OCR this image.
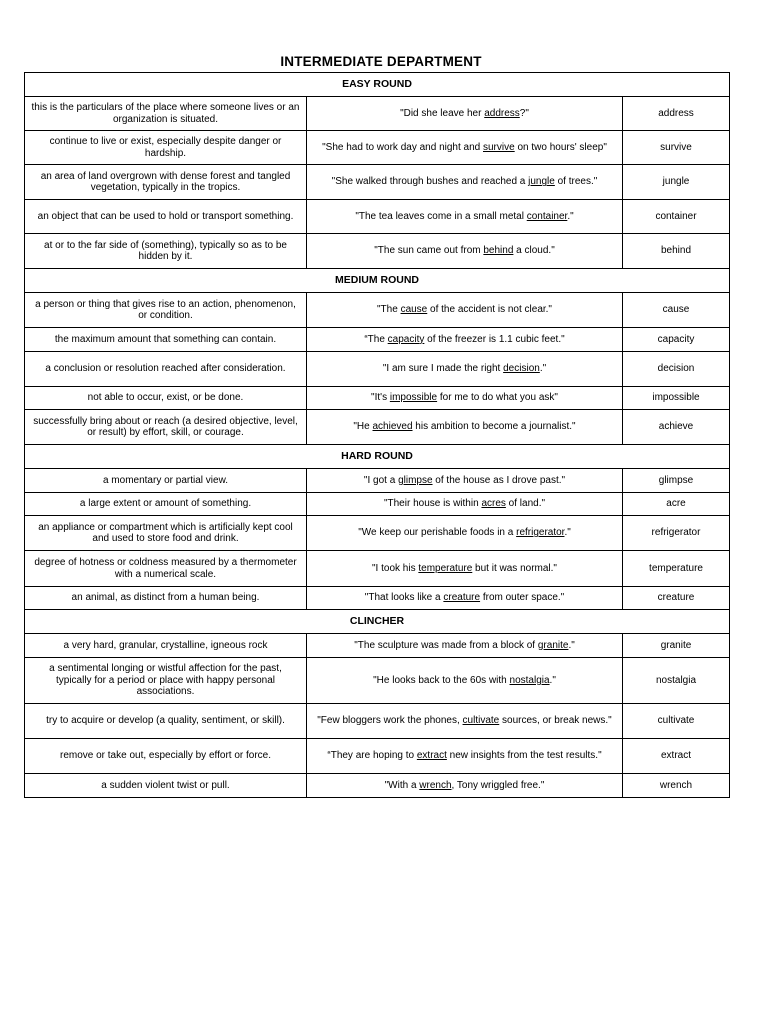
INTERMEDIATE DEPARTMENT
EASY ROUND		
this is the particulars of the place where someone lives or an organization is situated.	"Did she leave her address?"	address
continue to live or exist, especially despite danger or hardship.	"She had to work day and night and survive on two hours' sleep"	survive
an area of land overgrown with dense forest and tangled vegetation, typically in the tropics.	"She walked through bushes and reached a jungle of trees."	jungle
an object that can be used to hold or transport something.	"The tea leaves come in a small metal container."	container
at or to the far side of (something), typically so as to be hidden by it.	"The sun came out from behind a cloud."	behind
MEDIUM ROUND		
a person or thing that gives rise to an action, phenomenon, or condition.	"The cause of the accident is not clear."	cause
the maximum amount that something can contain.	“The capacity of the freezer is 1.1 cubic feet."	capacity
a conclusion or resolution reached after consideration.	"I am sure I made the right decision."	decision
not able to occur, exist, or be done.	"It's impossible for me to do what you ask"	impossible
successfully bring about or reach (a desired objective, level, or result) by effort, skill, or courage.	"He achieved his ambition to become a journalist."	achieve
HARD ROUND		
a momentary or partial view.	"I got a glimpse of the house as I drove past."	glimpse
a large extent or amount of something.	"Their house is within acres of land."	acre
an appliance or compartment which is artificially kept cool and used to store food and drink.	"We keep our perishable foods in a refrigerator."	refrigerator
degree of hotness or coldness measured by a thermometer with a numerical scale.	"I took his temperature but it was normal."	temperature
an animal, as distinct from a human being.	"That looks like a creature from outer space."	creature
CLINCHER		
a very hard, granular, crystalline, igneous rock	"The sculpture was made from a block of granite."	granite
a sentimental longing or wistful affection for the past, typically for a period or place with happy personal associations.	"He looks back to the 60s with nostalgia."	nostalgia
try to acquire or develop (a quality, sentiment, or skill).	"Few bloggers work the phones, cultivate sources, or break news."	cultivate
remove or take out, especially by effort or force.	“They are hoping to extract new insights from the test results."	extract
a sudden violent twist or pull.	"With a wrench, Tony wriggled free."	wrench
